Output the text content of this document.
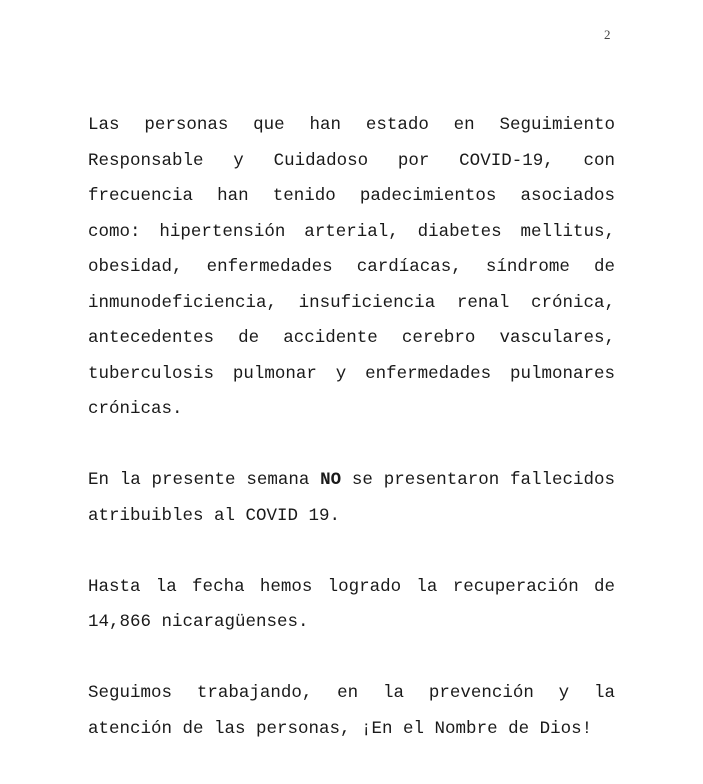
2

Las personas que han estado en Seguimiento Responsable y Cuidadoso por COVID-19, con frecuencia han tenido padecimientos asociados como: hipertensión arterial, diabetes mellitus, obesidad, enfermedades cardíacas, síndrome de inmunodeficiencia, insuficiencia renal crónica, antecedentes de accidente cerebro vasculares, tuberculosis pulmonar y enfermedades pulmonares crónicas.

En la presente semana NO se presentaron fallecidos atribuibles al COVID 19.

Hasta la fecha hemos logrado la recuperación de 14,866 nicaragüenses.

Seguimos trabajando, en la prevención y la atención de las personas, ¡En el Nombre de Dios!
